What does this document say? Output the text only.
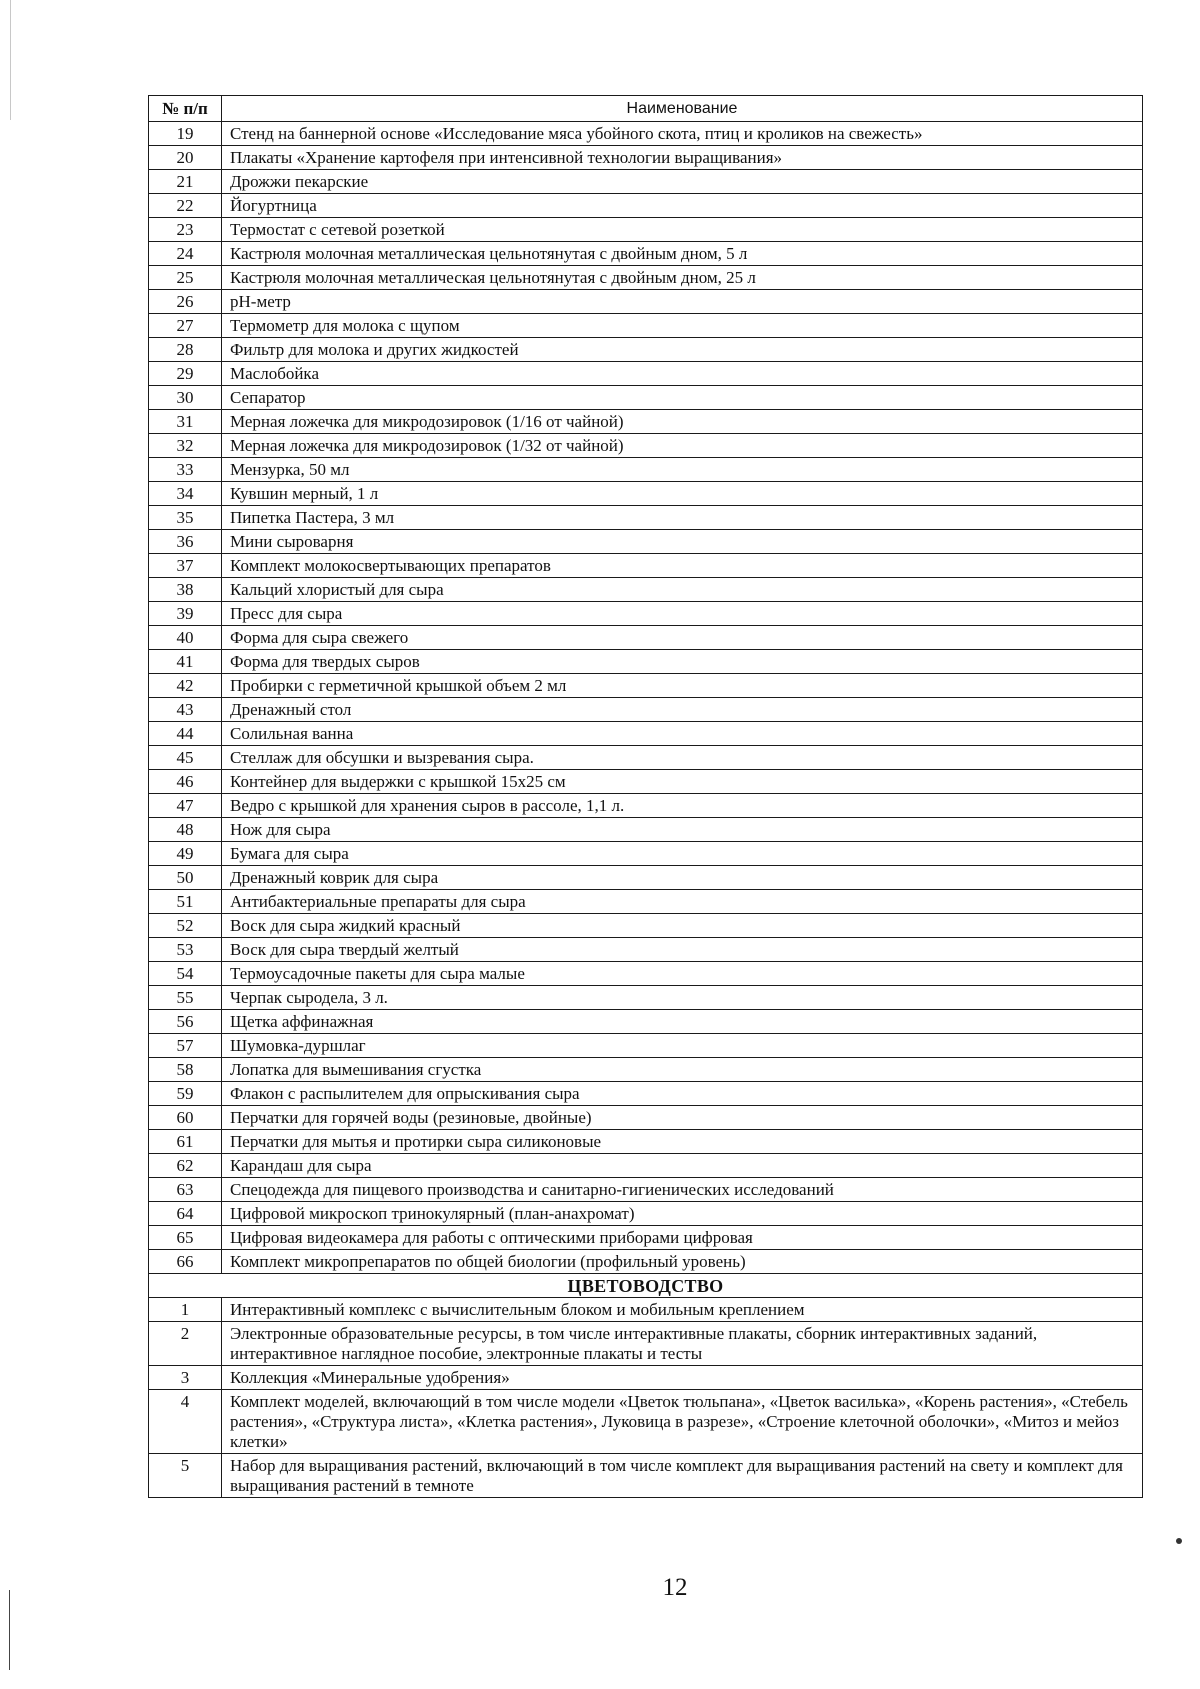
№ п/п	Наименование
19	Стенд на баннерной основе «Исследование мяса убойного скота, птиц и кроликов на свежесть»
20	Плакаты «Хранение картофеля при интенсивной технологии выращивания»
21	Дрожжи пекарские
22	Йогуртница
23	Термостат с сетевой розеткой
24	Кастрюля молочная металлическая цельнотянутая с двойным дном, 5 л
25	Кастрюля молочная металлическая цельнотянутая с двойным дном, 25 л
26	pH-метр
27	Термометр для молока с щупом
28	Фильтр для молока и других жидкостей
29	Маслобойка
30	Сепаратор
31	Мерная ложечка для микродозировок (1/16 от чайной)
32	Мерная ложечка для микродозировок (1/32 от чайной)
33	Мензурка, 50 мл
34	Кувшин мерный, 1 л
35	Пипетка Пастера, 3 мл
36	Мини сыроварня
37	Комплект молокосвертывающих препаратов
38	Кальций хлористый для сыра
39	Пресс для сыра
40	Форма для сыра свежего
41	Форма для твердых сыров
42	Пробирки с герметичной крышкой объем 2 мл
43	Дренажный стол
44	Солильная ванна
45	Стеллаж для обсушки и вызревания сыра.
46	Контейнер для выдержки с крышкой 15х25 см
47	Ведро с крышкой для хранения сыров в рассоле, 1,1 л.
48	Нож для сыра
49	Бумага для сыра
50	Дренажный коврик для сыра
51	Антибактериальные препараты для сыра
52	Воск для сыра жидкий красный
53	Воск для сыра твердый желтый
54	Термоусадочные пакеты для сыра малые
55	Черпак сыродела, 3 л.
56	Щетка аффинажная
57	Шумовка-дуршлаг
58	Лопатка для вымешивания сгустка
59	Флакон с распылителем для опрыскивания сыра
60	Перчатки для горячей воды (резиновые, двойные)
61	Перчатки для мытья и протирки сыра силиконовые
62	Карандаш для сыра
63	Спецодежда для пищевого производства и санитарно-гигиенических исследований
64	Цифровой микроскоп тринокулярный (план-анахромат)
65	Цифровая видеокамера для работы с оптическими приборами цифровая
66	Комплект микропрепаратов по общей биологии (профильный уровень)
ЦВЕТОВОДСТВО	
1	Интерактивный комплекс с вычислительным блоком и мобильным креплением
2	Электронные образовательные ресурсы, в том числе интерактивные плакаты, сборник интерактивных заданий, интерактивное наглядное пособие, электронные плакаты и тесты
3	Коллекция «Минеральные удобрения»
4	Комплект моделей, включающий в том числе модели «Цветок тюльпана», «Цветок василька», «Корень растения», «Стебель растения», «Структура листа», «Клетка растения», Луковица в разрезе», «Строение клеточной оболочки», «Митоз и мейоз клетки»
5	Набор для выращивания растений, включающий в том числе комплект для выращивания растений на свету и комплект для выращивания растений в темноте
12
